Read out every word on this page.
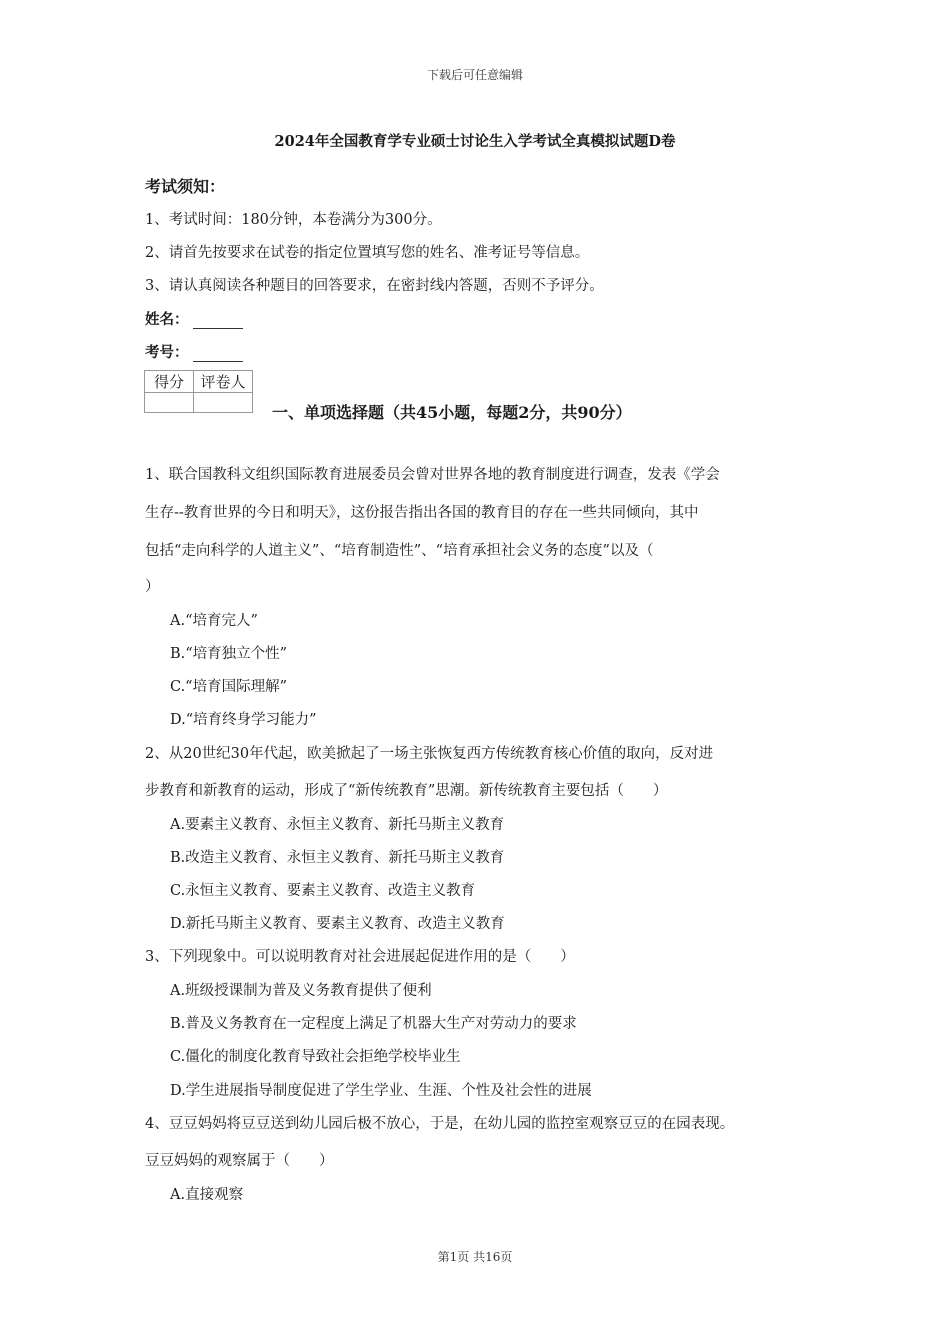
下载后可任意编辑
2024年全国教育学专业硕士讨论生入学考试全真模拟试题D卷
考试须知：
1、考试时间：180分钟，本卷满分为300分。
2、请首先按要求在试卷的指定位置填写您的姓名、准考证号等信息。
3、请认真阅读各种题目的回答要求，在密封线内答题，否则不予评分。
姓名：
考号：
得分	评卷人

一、单项选择题（共45小题，每题2分，共90分）
1、联合国教科文组织国际教育进展委员会曾对世界各地的教育制度进行调查，发表《学会
生存--教育世界的今日和明天》，这份报告指出各国的教育目的存在一些共同倾向，其中
包括“走向科学的人道主义”、“培育制造性”、“培育承担社会义务的态度”以及（
）
A.“培育完人”
B.“培育独立个性”
C.“培育国际理解”
D.“培育终身学习能力”
2、从20世纪30年代起，欧美掀起了一场主张恢复西方传统教育核心价值的取向，反对进
步教育和新教育的运动，形成了“新传统教育”思潮。新传统教育主要包括（　　）
A.要素主义教育、永恒主义教育、新托马斯主义教育
B.改造主义教育、永恒主义教育、新托马斯主义教育
C.永恒主义教育、要素主义教育、改造主义教育
D.新托马斯主义教育、要素主义教育、改造主义教育
3、下列现象中。可以说明教育对社会进展起促进作用的是（　　）
A.班级授课制为普及义务教育提供了便利
B.普及义务教育在一定程度上满足了机器大生产对劳动力的要求
C.僵化的制度化教育导致社会拒绝学校毕业生
D.学生进展指导制度促进了学生学业、生涯、个性及社会性的进展
4、豆豆妈妈将豆豆送到幼儿园后极不放心，于是，在幼儿园的监控室观察豆豆的在园表现。
豆豆妈妈的观察属于（　　）
A.直接观察
第1页 共16页
